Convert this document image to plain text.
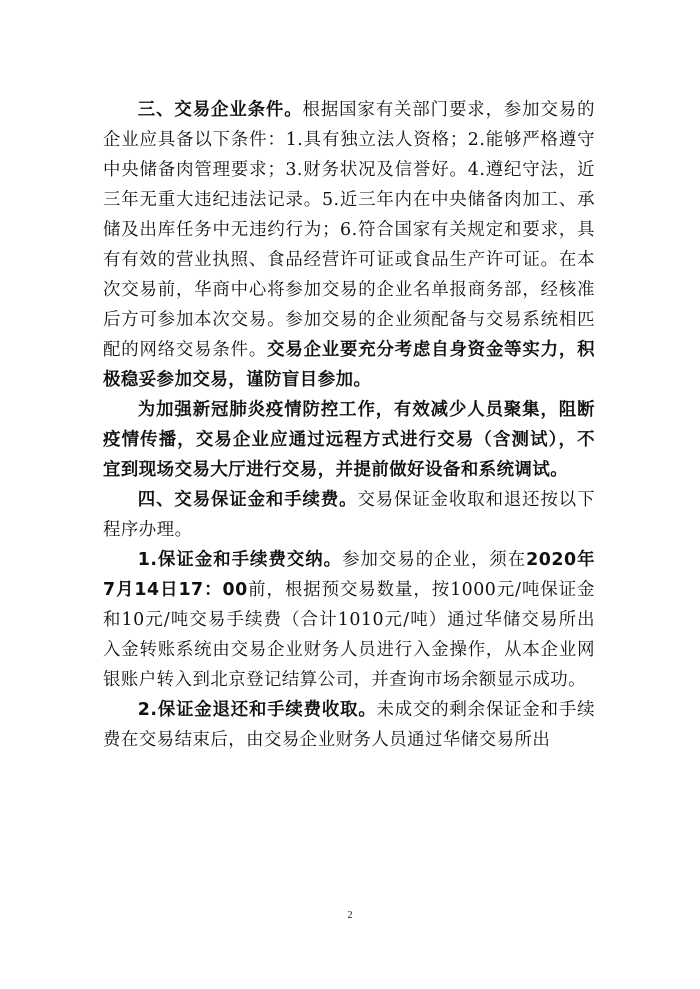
三、交易企业条件。根据国家有关部门要求，参加交易的企业应具备以下条件：1.具有独立法人资格；2.能够严格遵守中央储备肉管理要求；3.财务状况及信誉好。4.遵纪守法，近三年无重大违纪违法记录。5.近三年内在中央储备肉加工、承储及出库任务中无违约行为；6.符合国家有关规定和要求，具有有效的营业执照、食品经营许可证或食品生产许可证。在本次交易前，华商中心将参加交易的企业名单报商务部，经核准后方可参加本次交易。参加交易的企业须配备与交易系统相匹配的网络交易条件。交易企业要充分考虑自身资金等实力，积极稳妥参加交易，谨防盲目参加。

为加强新冠肺炎疫情防控工作，有效减少人员聚集，阻断疫情传播，交易企业应通过远程方式进行交易（含测试），不宜到现场交易大厅进行交易，并提前做好设备和系统调试。

四、交易保证金和手续费。交易保证金收取和退还按以下程序办理。

1.保证金和手续费交纳。参加交易的企业，须在2020年7月14日17：00前，根据预交易数量，按1000元/吨保证金和10元/吨交易手续费（合计1010元/吨）通过华储交易所出入金转账系统由交易企业财务人员进行入金操作，从本企业网银账户转入到北京登记结算公司，并查询市场余额显示成功。

2.保证金退还和手续费收取。未成交的剩余保证金和手续费在交易结束后，由交易企业财务人员通过华储交易所出

2
